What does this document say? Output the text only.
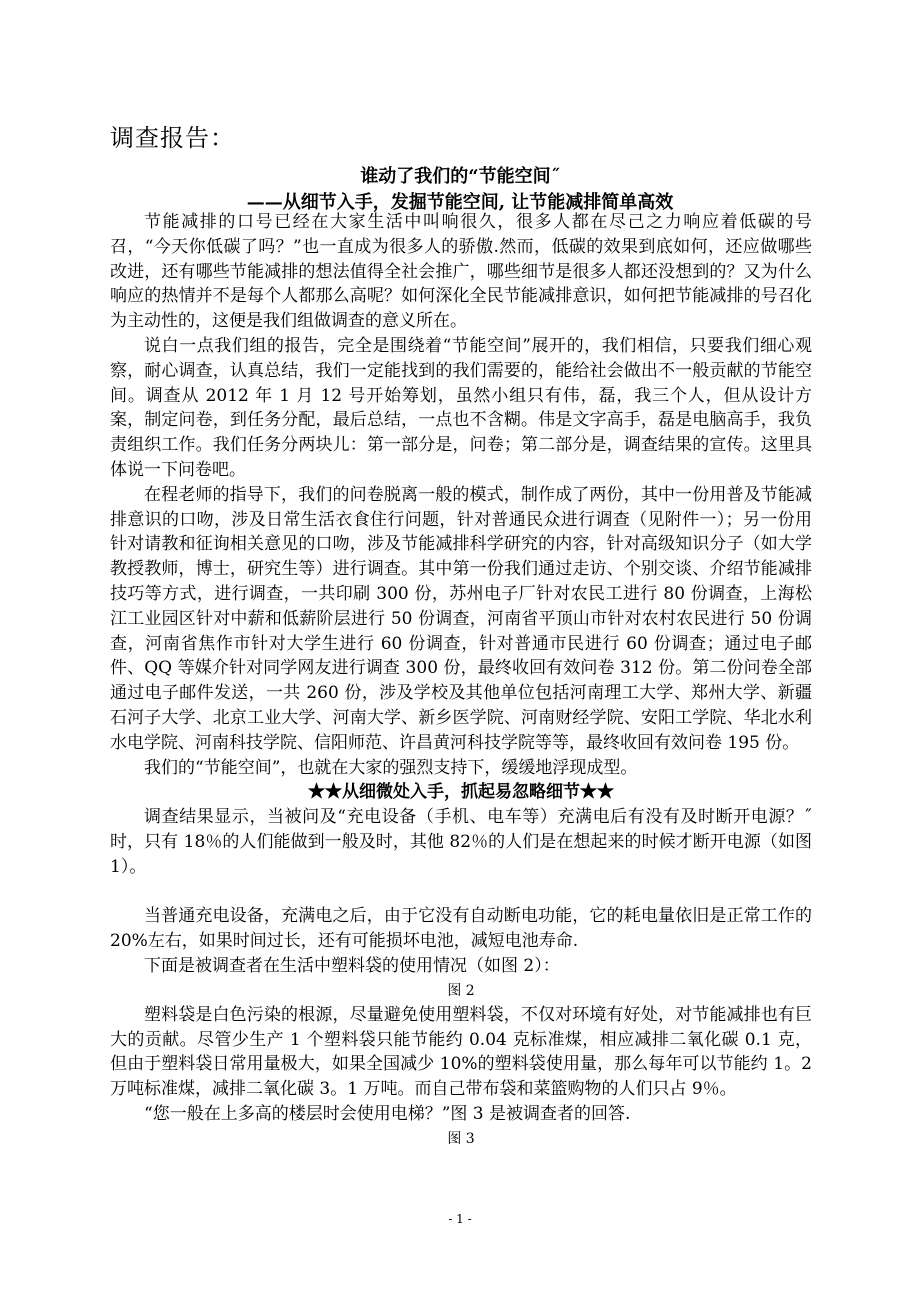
调查报告：
谁动了我们的“节能空间˝
——从细节入手，发掘节能空间, 让节能减排简单高效

节能减排的口号已经在大家生活中叫响很久，很多人都在尽己之力响应着低碳的号召，“今天你低碳了吗？”也一直成为很多人的骄傲.然而，低碳的效果到底如何，还应做哪些改进，还有哪些节能减排的想法值得全社会推广，哪些细节是很多人都还没想到的？又为什么响应的热情并不是每个人都那么高呢？如何深化全民节能减排意识，如何把节能减排的号召化为主动性的，这便是我们组做调查的意义所在。

说白一点我们组的报告，完全是围绕着“节能空间”展开的，我们相信，只要我们细心观察，耐心调查，认真总结，我们一定能找到的我们需要的，能给社会做出不一般贡献的节能空间。调查从 2012 年 1 月 12 号开始筹划，虽然小组只有伟，磊，我三个人，但从设计方案，制定问卷，到任务分配，最后总结，一点也不含糊。伟是文字高手，磊是电脑高手，我负责组织工作。我们任务分两块儿：第一部分是，问卷；第二部分是，调查结果的宣传。这里具体说一下问卷吧。

在程老师的指导下，我们的问卷脱离一般的模式，制作成了两份，其中一份用普及节能减排意识的口吻，涉及日常生活衣食住行问题，针对普通民众进行调查（见附件一）；另一份用针对请教和征询相关意见的口吻，涉及节能减排科学研究的内容，针对高级知识分子（如大学教授教师，博士，研究生等）进行调查。其中第一份我们通过走访、个别交谈、介绍节能减排技巧等方式，进行调查，一共印刷 300 份，苏州电子厂针对农民工进行 80 份调查，上海松江工业园区针对中薪和低薪阶层进行 50 份调查，河南省平顶山市针对农村农民进行 50 份调查，河南省焦作市针对大学生进行 60 份调查，针对普通市民进行 60 份调查；通过电子邮件、QQ 等媒介针对同学网友进行调查 300 份，最终收回有效问卷 312 份。第二份问卷全部通过电子邮件发送，一共 260 份，涉及学校及其他单位包括河南理工大学、郑州大学、新疆石河子大学、北京工业大学、河南大学、新乡医学院、河南财经学院、安阳工学院、华北水利水电学院、河南科技学院、信阳师范、许昌黄河科技学院等等，最终收回有效问卷 195 份。

我们的“节能空间”，也就在大家的强烈支持下，缓缓地浮现成型。

★★从细微处入手，抓起易忽略细节★★

调查结果显示，当被问及“充电设备（手机、电车等）充满电后有没有及时断开电源？˝时，只有 18％的人们能做到一般及时，其他 82％的人们是在想起来的时候才断开电源（如图 1）。

当普通充电设备，充满电之后，由于它没有自动断电功能，它的耗电量依旧是正常工作的 20%左右，如果时间过长，还有可能损坏电池，减短电池寿命.

下面是被调查者在生活中塑料袋的使用情况（如图 2）：

图 2

塑料袋是白色污染的根源，尽量避免使用塑料袋，不仅对环境有好处，对节能减排也有巨大的贡献。尽管少生产 1 个塑料袋只能节能约 0.04 克标准煤，相应减排二氧化碳 0.1 克，但由于塑料袋日常用量极大，如果全国减少 10%的塑料袋使用量，那么每年可以节能约 1。2 万吨标准煤，减排二氧化碳 3。1 万吨。而自己带布袋和菜篮购物的人们只占 9％。

“您一般在上多高的楼层时会使用电梯？”图 3 是被调查者的回答.

图 3

- 1 -
